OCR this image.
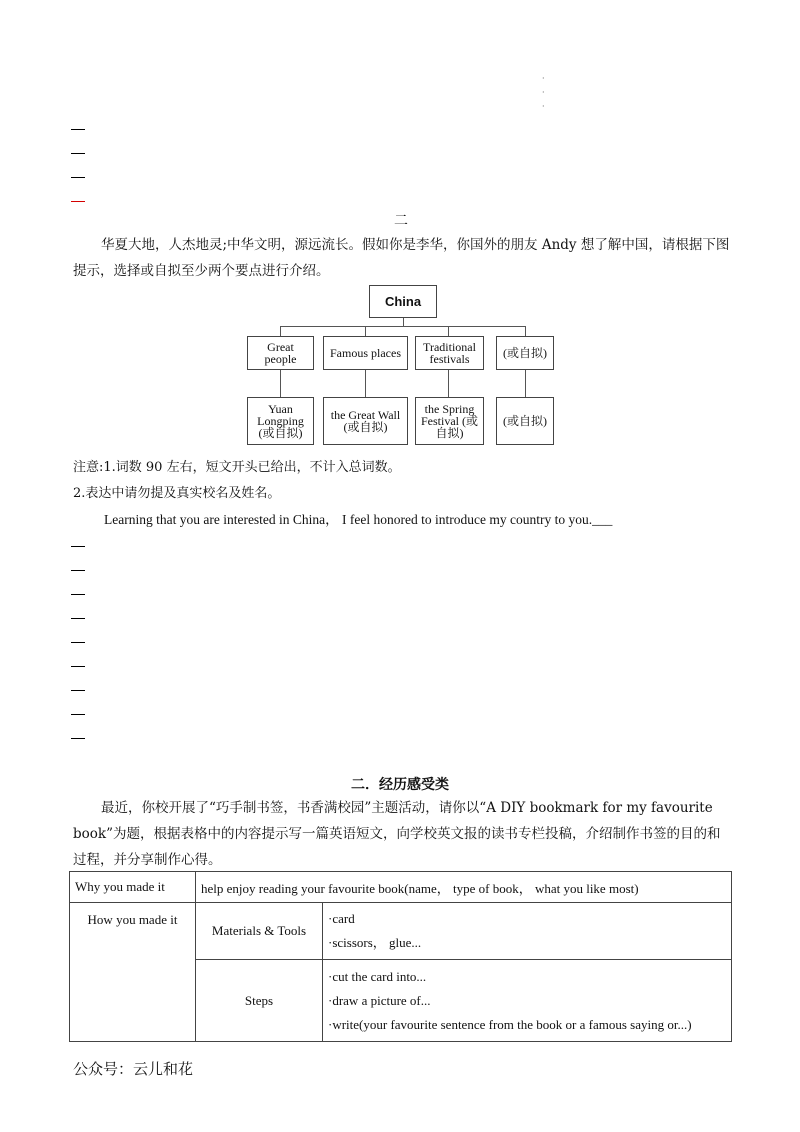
·
·
·
二
华夏大地，人杰地灵;中华文明，源远流长。假如你是李华，你国外的朋友 Andy 想了解中国，请根据下图提示，选择或自拟至少两个要点进行介绍。
China
Great people	Famous places	Traditional festivals	(或自拟)
Yuan Longping (或自拟)
the Great Wall (或自拟)
the Spring Festival (或自拟)
(或自拟)
注意:1.词数 90 左右，短文开头已给出，不计入总词数。
2.表达中请勿提及真实校名及姓名。
Learning that you are interested in China， I feel honored to introduce my country to you.___
二．经历感受类
最近，你校开展了“巧手制书签，书香满校园”主题活动，请你以“A DIY bookmark for my favourite book”为题，根据表格中的内容提示写一篇英语短文，向学校英文报的读书专栏投稿，介绍制作书签的目的和过程，并分享制作心得。
Why you made it	help enjoy reading your favourite book(name， type of book， what you like most)	
How you made it	Materials & Tools	·card
·scissors， glue...

	Steps	·cut the card into...
·draw a picture of...
·write(your favourite sentence from the book or a famous saying or...)
公众号：云儿和花
